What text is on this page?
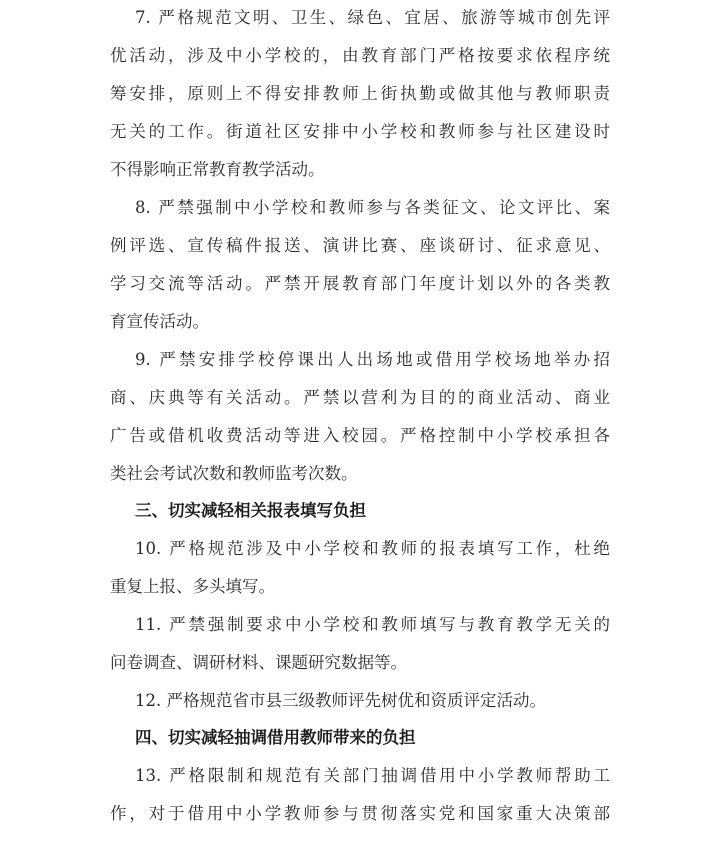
7. 严格规范文明、卫生、绿色、宜居、旅游等城市创先评
优活动，涉及中小学校的，由教育部门严格按要求依程序统
筹安排，原则上不得安排教师上街执勤或做其他与教师职责
无关的工作。街道社区安排中小学校和教师参与社区建设时
不得影响正常教育教学活动。
8. 严禁强制中小学校和教师参与各类征文、论文评比、案
例评选、宣传稿件报送、演讲比赛、座谈研讨、征求意见、
学习交流等活动。严禁开展教育部门年度计划以外的各类教
育宣传活动。
9. 严禁安排学校停课出人出场地或借用学校场地举办招
商、庆典等有关活动。严禁以营利为目的的商业活动、商业
广告或借机收费活动等进入校园。严格控制中小学校承担各
类社会考试次数和教师监考次数。
三、切实减轻相关报表填写负担
10. 严格规范涉及中小学校和教师的报表填写工作，杜绝
重复上报、多头填写。
11. 严禁强制要求中小学校和教师填写与教育教学无关的
问卷调查、调研材料、课题研究数据等。
12. 严格规范省市县三级教师评先树优和资质评定活动。
四、切实减轻抽调借用教师带来的负担
13. 严格限制和规范有关部门抽调借用中小学教师帮助工
作，对于借用中小学教师参与贯彻落实党和国家重大决策部
